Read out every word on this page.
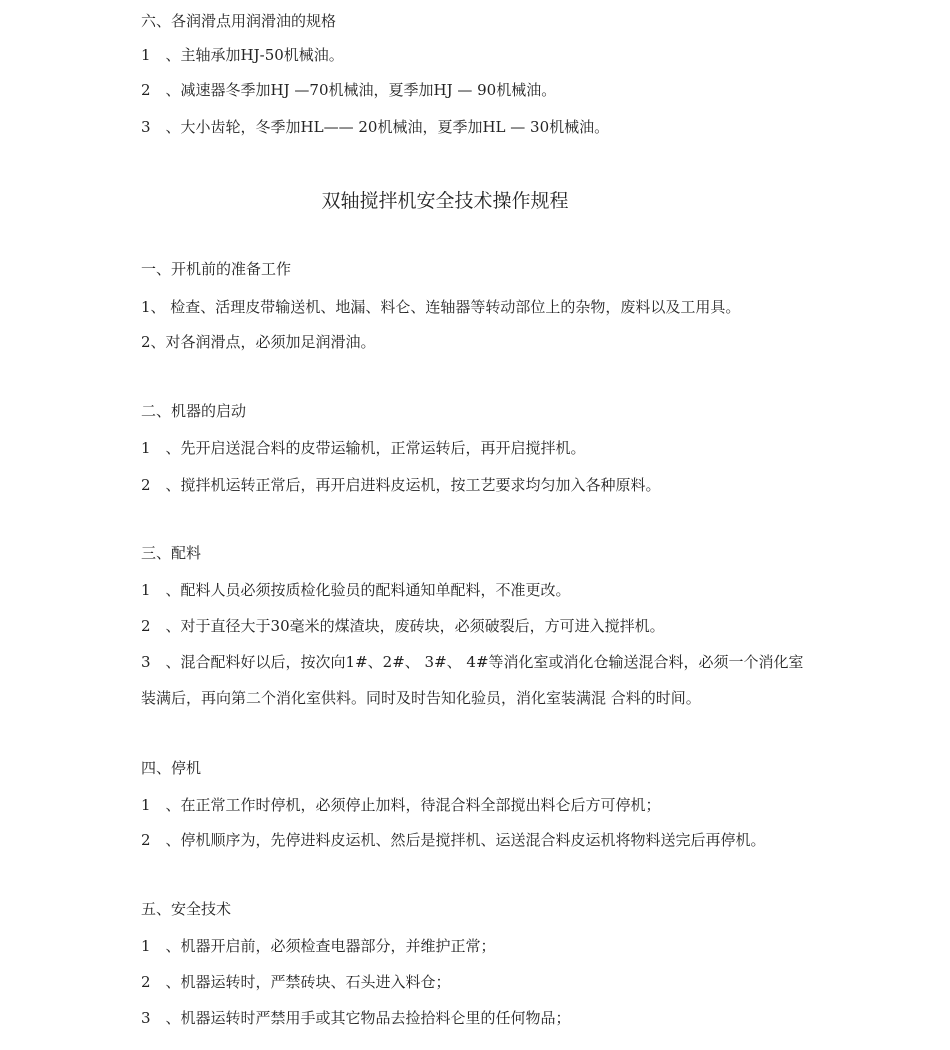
六、各润滑点用润滑油的规格
1　、主轴承加HJ-50机械油。
2　、减速器冬季加HJ —70机械油，夏季加HJ — 90机械油。
3　、大小齿轮，冬季加HL—— 20机械油，夏季加HL — 30机械油。
双轴搅拌机安全技术操作规程
一、开机前的准备工作
1、 检查、活理皮带输送机、地漏、料仑、连轴器等转动部位上的杂物，废料以及工用具。
2、对各润滑点，必须加足润滑油。
二、机器的启动
1　、先开启送混合料的皮带运输机，正常运转后，再开启搅拌机。
2　、搅拌机运转正常后，再开启进料皮运机，按工艺要求均匀加入各种原料。
三、配料
1　、配料人员必须按质检化验员的配料通知单配料，不准更改。
2　、对于直径大于30毫米的煤渣块，废砖块，必须破裂后，方可进入搅拌机。
3　、混合配料好以后，按次向1#、2#、 3#、 4#等消化室或消化仓输送混合料，必须一个消化室
装满后，再向第二个消化室供料。同时及时告知化验员，消化室装满混 合料的时间。
四、停机
1　、在正常工作时停机，必须停止加料，待混合料全部搅出料仑后方可停机；
2　、停机顺序为，先停进料皮运机、然后是搅拌机、运送混合料皮运机将物料送完后再停机。
五、安全技术
1　、机器开启前，必须检查电器部分，并维护正常；
2　、机器运转时，严禁砖块、石头进入料仓；
3　、机器运转时严禁用手或其它物品去捡拾料仑里的任何物品；
